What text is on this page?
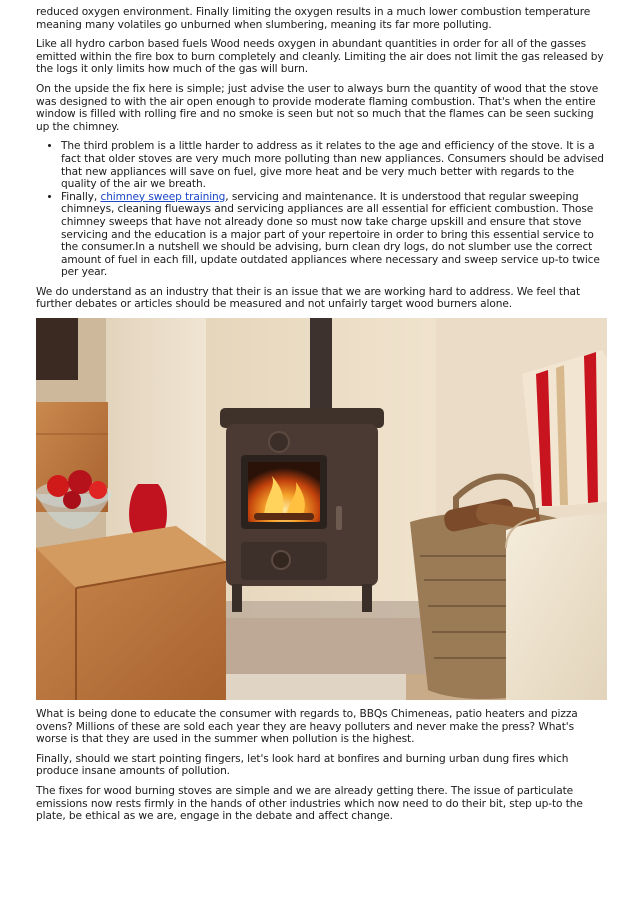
reduced oxygen environment. Finally limiting the oxygen results in a much lower combustion temperature meaning many volatiles go unburned when slumbering, meaning its far more polluting.

Like all hydro carbon based fuels Wood needs oxygen in abundant quantities in order for all of the gasses emitted within the fire box to burn completely and cleanly. Limiting the air does not limit the gas released by the logs it only limits how much of the gas will burn.

On the upside the fix here is simple; just advise the user to always burn the quantity of wood that the stove was designed to with the air open enough to provide moderate flaming combustion. That's when the entire window is filled with rolling fire and no smoke is seen but not so much that the flames can be seen sucking up the chimney.

• The third problem is a little harder to address as it relates to the age and efficiency of the stove. It is a fact that older stoves are very much more polluting than new appliances. Consumers should be advised that new appliances will save on fuel, give more heat and be very much better with regards to the quality of the air we breath.
• Finally, chimney sweep training, servicing and maintenance. It is understood that regular sweeping chimneys, cleaning flueways and servicing appliances are all essential for efficient combustion. Those chimney sweeps that have not already done so must now take charge upskill and ensure that stove servicing and the education is a major part of your repertoire in order to bring this essential service to the consumer.In a nutshell we should be advising, burn clean dry logs, do not slumber use the correct amount of fuel in each fill, update outdated appliances where necessary and sweep service up-to twice per year.

We do understand as an industry that their is an issue that we are working hard to address. We feel that further debates or articles should be measured and not unfairly target wood burners alone.

What is being done to educate the consumer with regards to, BBQs Chimeneas, patio heaters and pizza ovens? Millions of these are sold each year they are heavy polluters and never make the press? What's worse is that they are used in the summer when pollution is the highest.

Finally, should we start pointing fingers, let's look hard at bonfires and burning urban dung fires which produce insane amounts of pollution.

The fixes for wood burning stoves are simple and we are already getting there. The issue of particulate emissions now rests firmly in the hands of other industries which now need to do their bit, step up-to the plate, be ethical as we are, engage in the debate and affect change.
